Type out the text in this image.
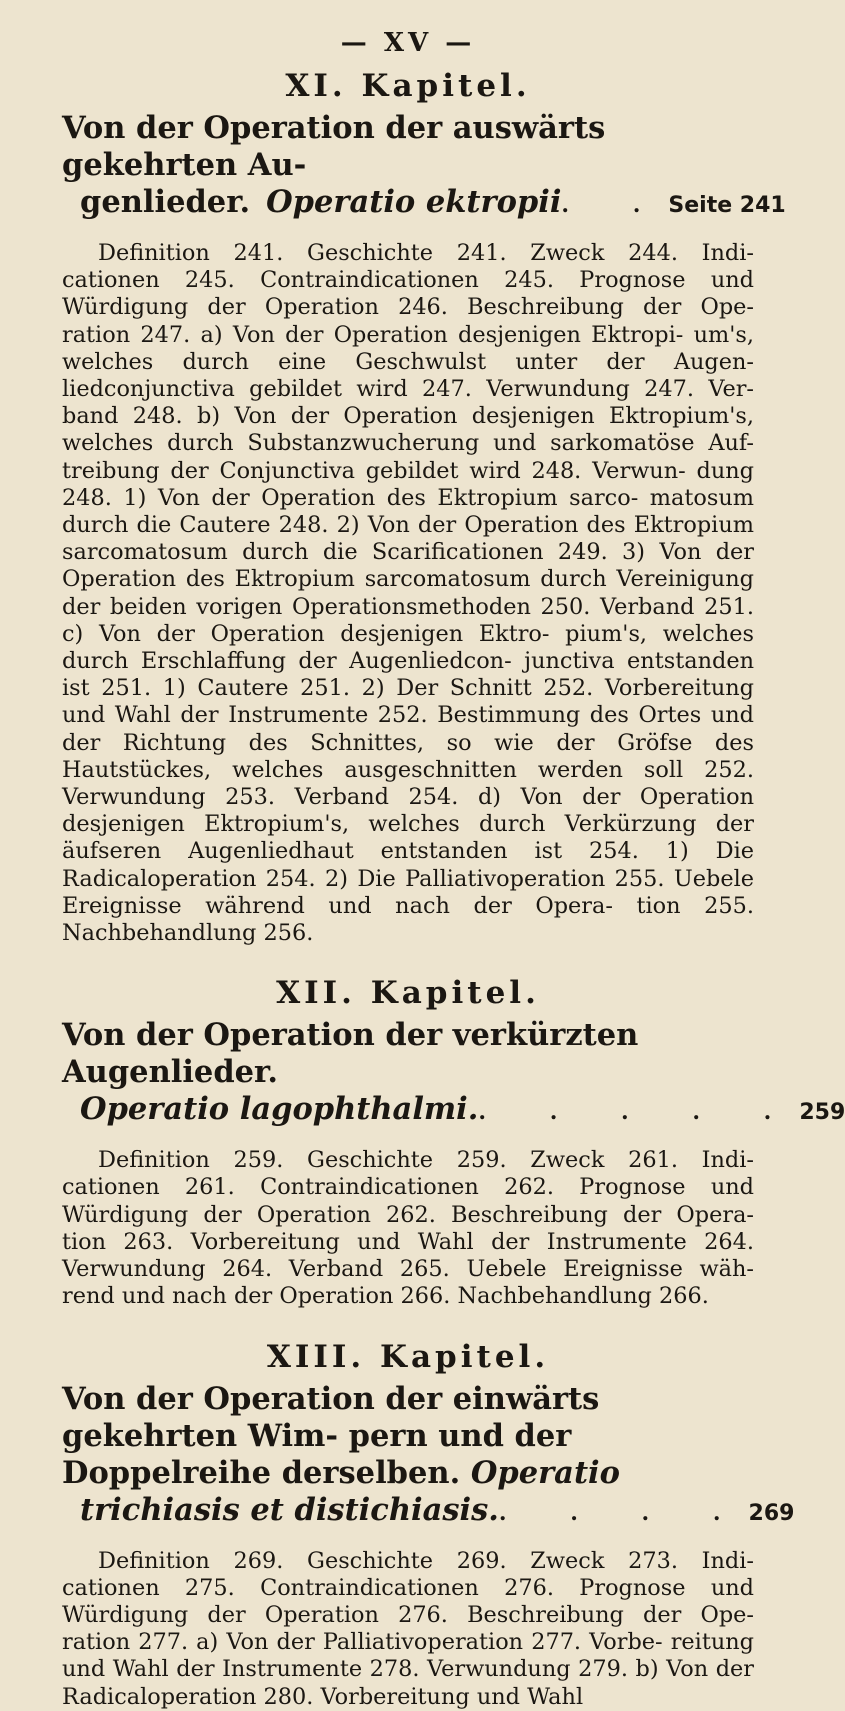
— XV —
XI. Kapitel.
Von der Operation der auswärts gekehrten Au-
genlieder. Operatio ektropii . . Seite 241

Definition 241. Geschichte 241. Zweck 244. Indi- cationen 245. Contraindicationen 245. Prognose und Würdigung der Operation 246. Beschreibung der Ope- ration 247. a) Von der Operation desjenigen Ektropi- um's, welches durch eine Geschwulst unter der Augen- liedconjunctiva gebildet wird 247. Verwundung 247. Ver- band 248. b) Von der Operation desjenigen Ektropium's, welches durch Substanzwucherung und sarkomatöse Auf- treibung der Conjunctiva gebildet wird 248. Verwun- dung 248. 1) Von der Operation des Ektropium sarco- matosum durch die Cautere 248. 2) Von der Operation des Ektropium sarcomatosum durch die Scarificationen 249. 3) Von der Operation des Ektropium sarcomatosum durch Vereinigung der beiden vorigen Operationsmethoden 250. Verband 251. c) Von der Operation desjenigen Ektro- pium's, welches durch Erschlaffung der Augenliedcon- junctiva entstanden ist 251. 1) Cautere 251. 2) Der Schnitt 252. Vorbereitung und Wahl der Instrumente 252. Bestimmung des Ortes und der Richtung des Schnittes, so wie der Gröfse des Hautstückes, welches ausgeschnitten werden soll 252. Verwundung 253. Verband 254. d) Von der Operation desjenigen Ektropium's, welches durch Verkürzung der äufseren Augenliedhaut entstanden ist 254. 1) Die Radicaloperation 254. 2) Die Palliativoperation 255. Uebele Ereignisse während und nach der Opera- tion 255. Nachbehandlung 256.

XII. Kapitel.
Von der Operation der verkürzten Augenlieder.
Operatio lagophthalmi. . . . . . 259

Definition 259. Geschichte 259. Zweck 261. Indi- cationen 261. Contraindicationen 262. Prognose und Würdigung der Operation 262. Beschreibung der Opera- tion 263. Vorbereitung und Wahl der Instrumente 264. Verwundung 264. Verband 265. Uebele Ereignisse wäh- rend und nach der Operation 266. Nachbehandlung 266.

XIII. Kapitel.
Von der Operation der einwärts gekehrten Wim- pern und der Doppelreihe derselben. Operatio
trichiasis et distichiasis. . . . . 269

Definition 269. Geschichte 269. Zweck 273. Indi- cationen 275. Contraindicationen 276. Prognose und Würdigung der Operation 276. Beschreibung der Ope- ration 277. a) Von der Palliativoperation 277. Vorbe- reitung und Wahl der Instrumente 278. Verwundung 279. b) Von der Radicaloperation 280. Vorbereitung und Wahl
